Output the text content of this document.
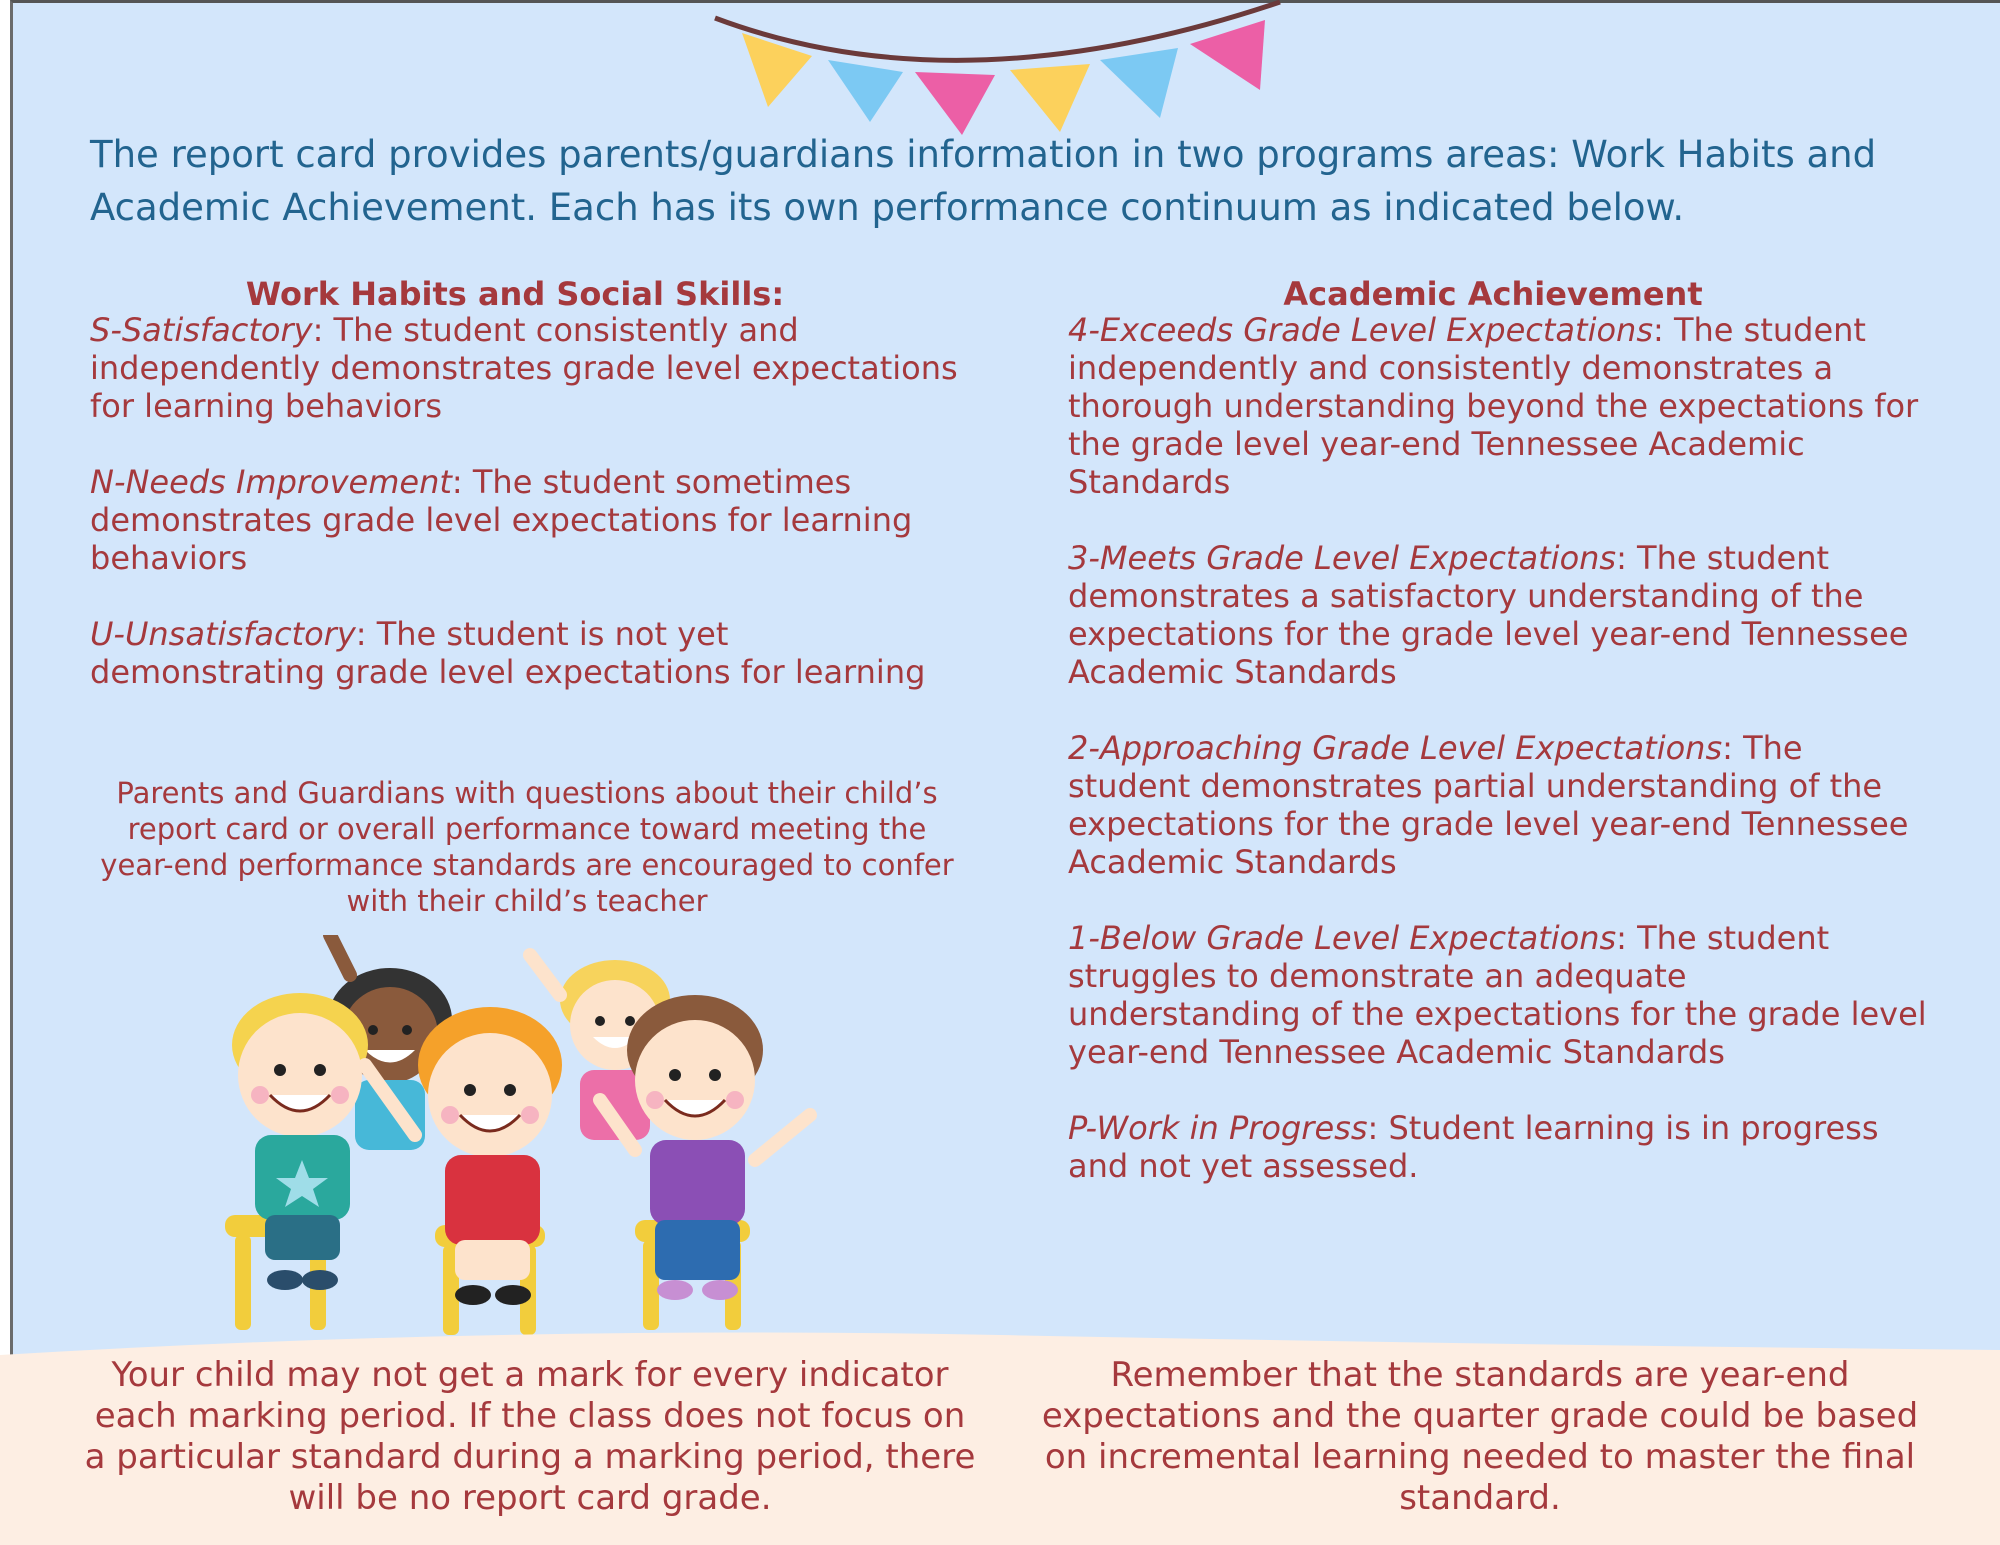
The report card provides parents/guardians information in two programs areas: Work Habits and Academic Achievement. Each has its own performance continuum as indicated below.

Work Habits and Social Skills:	Academic Achievement

S-Satisfactory: The student consistently and independently demonstrates grade level expectations for learning behaviors

N-Needs Improvement: The student sometimes demonstrates grade level expectations for learning behaviors

U-Unsatisfactory: The student is not yet demonstrating grade level expectations for learning

Parents and Guardians with questions about their child’s report card or overall performance toward meeting the year-end performance standards are encouraged to confer with their child’s teacher

4-Exceeds Grade Level Expectations: The student independently and consistently demonstrates a thorough understanding beyond the expectations for the grade level year-end Tennessee Academic Standards

3-Meets Grade Level Expectations: The student demonstrates a satisfactory understanding of the expectations for the grade level year-end Tennessee Academic Standards

2-Approaching Grade Level Expectations: The student demonstrates partial understanding of the expectations for the grade level year-end Tennessee Academic Standards

1-Below Grade Level Expectations: The student struggles to demonstrate an adequate understanding of the expectations for the grade level year-end Tennessee Academic Standards

P-Work in Progress: Student learning is in progress and not yet assessed.

Your child may not get a mark for every indicator each marking period. If the class does not focus on a particular standard during a marking period, there will be no report card grade.

Remember that the standards are year-end expectations and the quarter grade could be based on incremental learning needed to master the final standard.
